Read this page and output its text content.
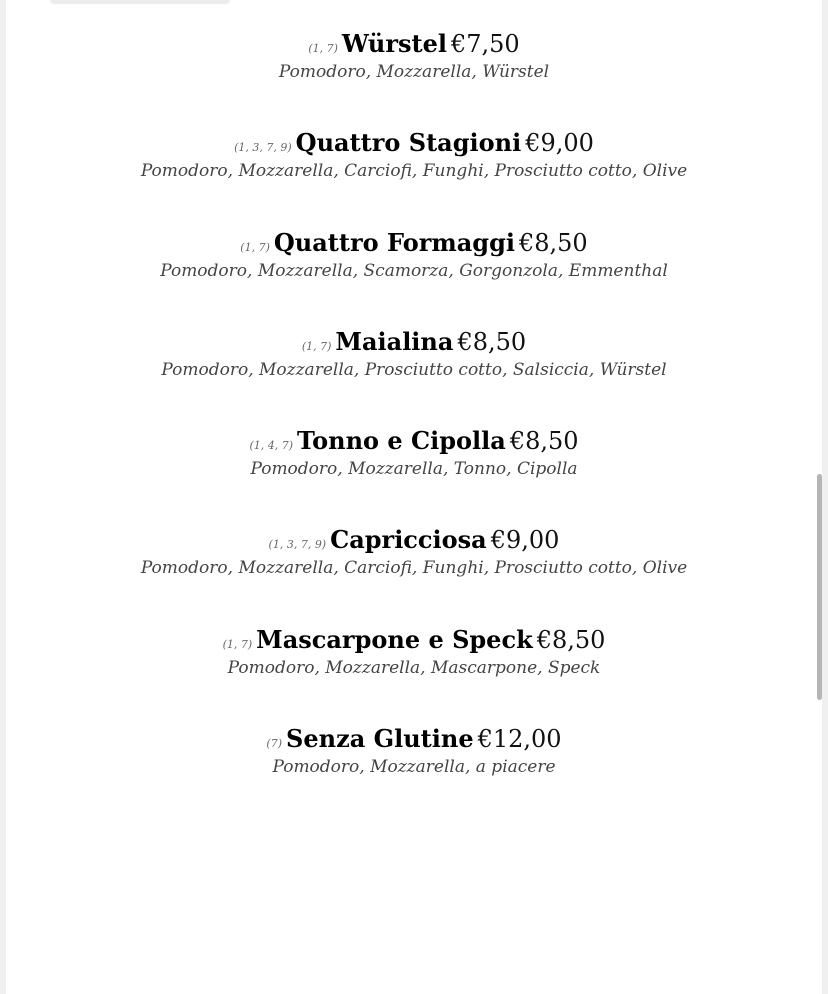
(1, 7) Würstel €7,50
Pomodoro, Mozzarella, Würstel
(1, 3, 7, 9) Quattro Stagioni €9,00
Pomodoro, Mozzarella, Carciofi, Funghi, Prosciutto cotto, Olive
(1, 7) Quattro Formaggi €8,50
Pomodoro, Mozzarella, Scamorza, Gorgonzola, Emmenthal
(1, 7) Maialina €8,50
Pomodoro, Mozzarella, Prosciutto cotto, Salsiccia, Würstel
(1, 4, 7) Tonno e Cipolla €8,50
Pomodoro, Mozzarella, Tonno, Cipolla
(1, 3, 7, 9) Capricciosa €9,00
Pomodoro, Mozzarella, Carciofi, Funghi, Prosciutto cotto, Olive
(1, 7) Mascarpone e Speck €8,50
Pomodoro, Mozzarella, Mascarpone, Speck
(7) Senza Glutine €12,00
Pomodoro, Mozzarella, a piacere
